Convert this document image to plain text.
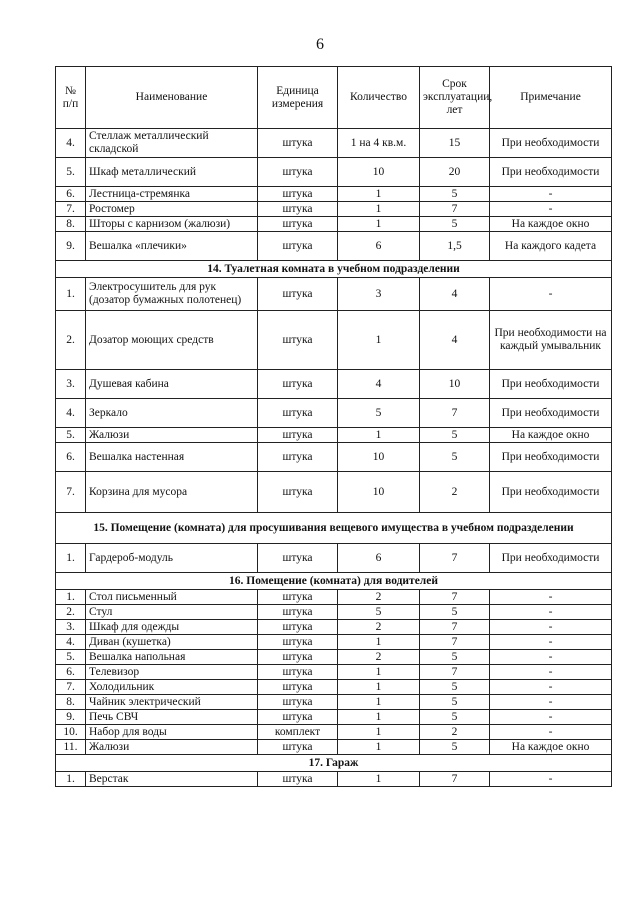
6
№ п/п	Наименование	Единица измерения	Количество	Срок эксплуатации, лет	Примечание
4.	Стеллаж металлический складской	штука	1 на 4 кв.м.	15	При необходимости
5.	Шкаф металлический	штука	10	20	При необходимости
6.	Лестница-стремянка	штука	1	5	-
7.	Ростомер	штука	1	7	-
8.	Шторы с карнизом (жалюзи)	штука	1	5	На каждое окно
9.	Вешалка «плечики»	штука	6	1,5	На каждого кадета
14. Туалетная комната в учебном подразделении					
1.	Электросушитель для рук (дозатор бумажных полотенец)	штука	3	4	-
2.	Дозатор моющих средств	штука	1	4	При необходимости на каждый умывальник
3.	Душевая кабина	штука	4	10	При необходимости
4.	Зеркало	штука	5	7	При необходимости
5.	Жалюзи	штука	1	5	На каждое окно
6.	Вешалка настенная	штука	10	5	При необходимости
7.	Корзина для мусора	штука	10	2	При необходимости
15. Помещение (комната) для просушивания вещевого имущества в учебном подразделении					
1.	Гардероб-модуль	штука	6	7	При необходимости
16. Помещение (комната) для водителей					
1.	Стол письменный	штука	2	7	-
2.	Стул	штука	5	5	-
3.	Шкаф для одежды	штука	2	7	-
4.	Диван (кушетка)	штука	1	7	-
5.	Вешалка напольная	штука	2	5	-
6.	Телевизор	штука	1	7	-
7.	Холодильник	штука	1	5	-
8.	Чайник электрический	штука	1	5	-
9.	Печь СВЧ	штука	1	5	-
10.	Набор для воды	комплект	1	2	-
11.	Жалюзи	штука	1	5	На каждое окно
17. Гараж					
1.	Верстак	штука	1	7	-
